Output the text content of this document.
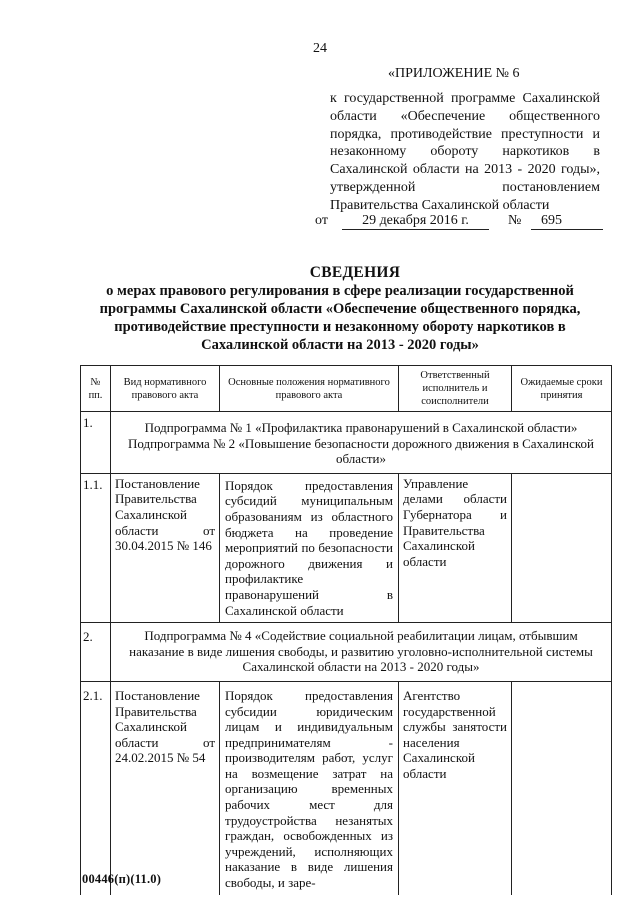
24
«ПРИЛОЖЕНИЕ № 6
к государственной программе Сахалинской области «Обеспечение общественного порядка, противодействие преступности и незаконному обороту наркотиков в Сахалинской области на 2013 - 2020 годы», утвержденной постановлением Правительства Сахалинской области
от	29 декабря 2016 г.	№	695
СВЕДЕНИЯ
о мерах правового регулирования в сфере реализации государственной программы Сахалинской области «Обеспечение общественного порядка, противодействие преступности и незаконному обороту наркотиков в Сахалинской области на 2013 - 2020 годы»
№ пп.	Вид нормативного правового акта	Основные положения нормативного правового акта	Ответственный исполнитель и соисполнители	Ожидаемые сроки принятия
1.	Подпрограмма № 1 «Профилактика правонарушений в Сахалинской области»
Подпрограмма № 2 «Повышение безопасности дорожного движения в Сахалинской области»			

1.1.	Постановление Правительства Сахалинской области от 30.04.2015 № 146	Порядок предоставления субсидий муниципальным образованиям из областного бюджета на проведение мероприятий по безопасности дорожного движения и профилактике правонарушений в Сахалинской области	Управление делами области Губернатора и Правительства Сахалинской области	
2.	Подпрограмма № 4 «Содействие социальной реабилитации лицам, отбывшим наказание в виде лишения свободы, и развитию уголовно-исполнительной системы Сахалинской области на 2013 - 2020 годы»			

2.1.	Постановление Правительства Сахалинской области от 24.02.2015 № 54	Порядок предоставления субсидии юридическим лицам и индивидуальным предпринимателям - производителям работ, услуг на возмещение затрат на организацию временных рабочих мест для трудоустройства незанятых граждан, освобожденных из учреждений, исполняющих наказание в виде лишения свободы, и заре-	Агентство государственной службы занятости населения Сахалинской области	
00446(п)(11.0)
